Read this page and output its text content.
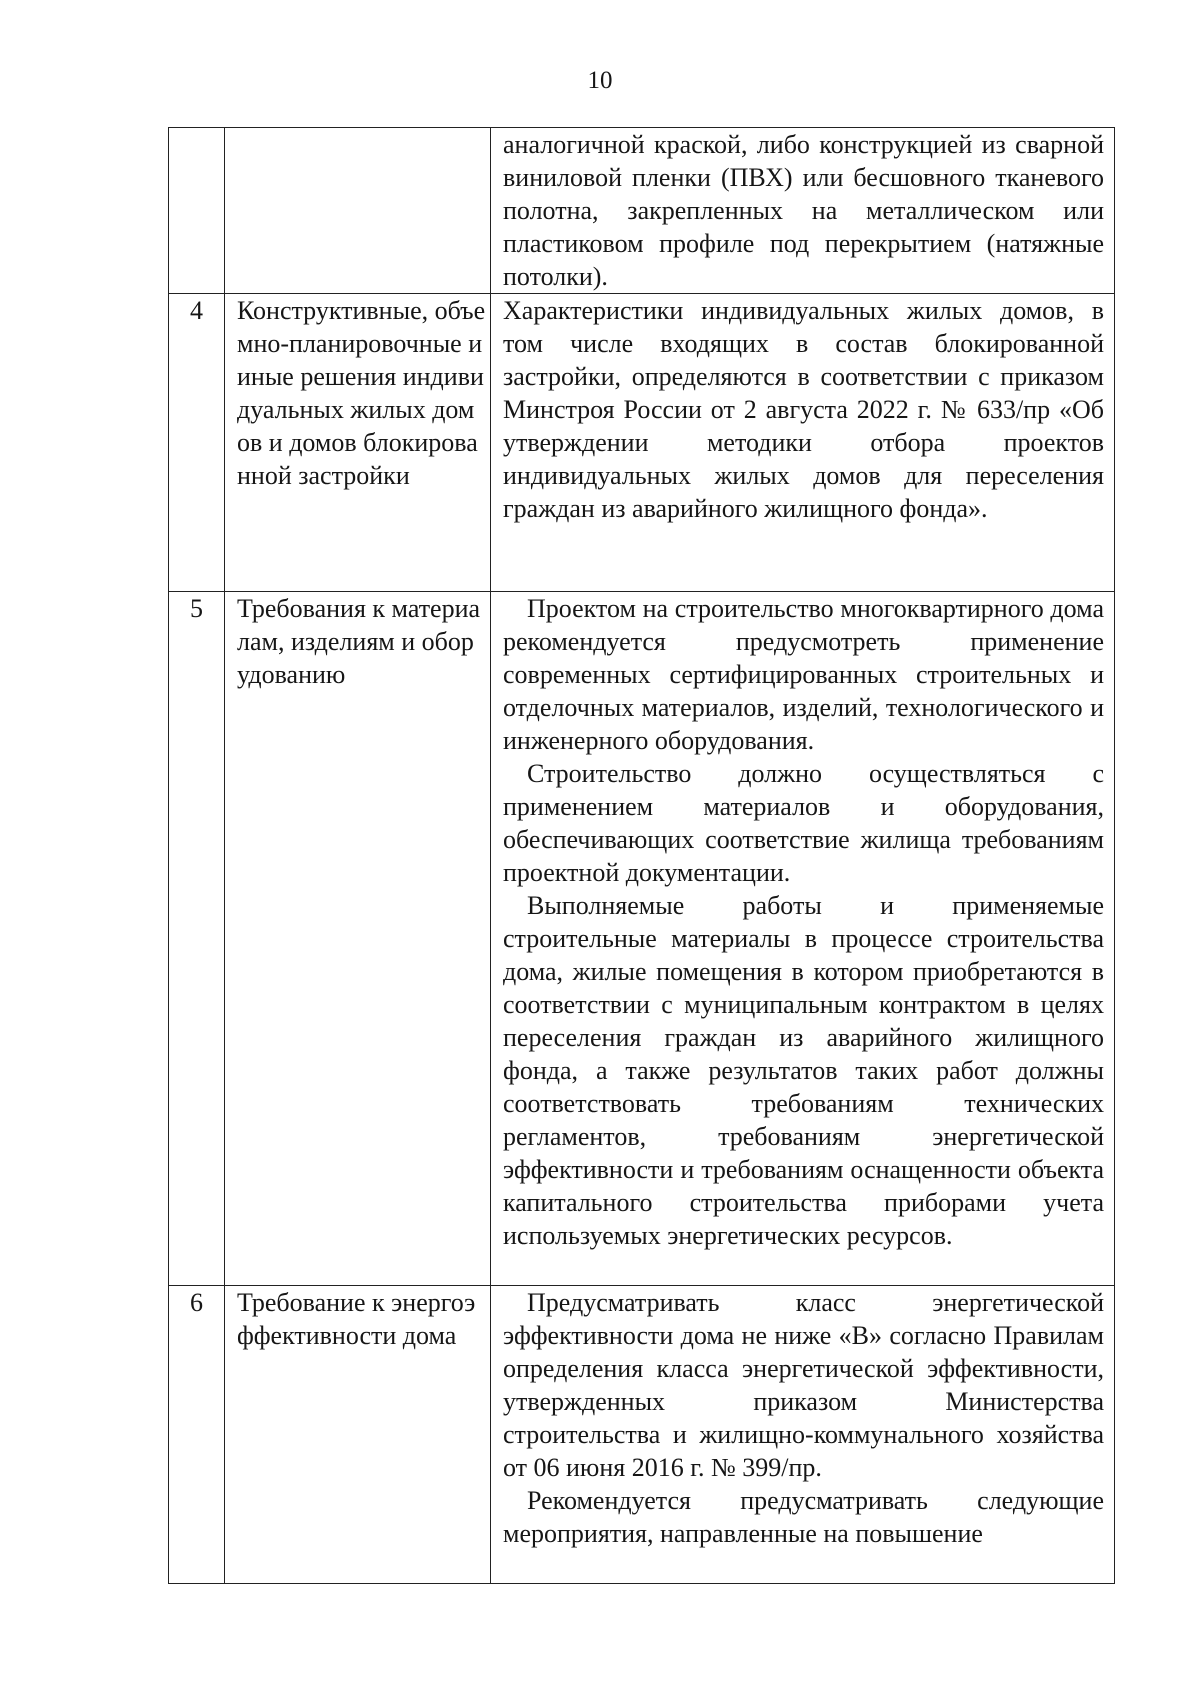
10

		аналогичной краской, либо конструкцией из сварной виниловой пленки (ПВХ) или бесшовного тканевого полотна, закрепленных на металлическом или пластиковом профиле под перекрытием (натяжные потолки).

4	Конструктивные, объемно-планировочные и иные решения индивидуальных жилых домов и домов блокированной застройки	Характеристики индивидуальных жилых домов, в том числе входящих в состав блокированной застройки, определяются в соответствии с приказом Минстроя России от 2 августа 2022 г. № 633/пр «Об утверждении методики отбора проектов индивидуальных жилых домов для переселения граждан из аварийного жилищного фонда».

5	Требования к материалам, изделиям и оборудованию	Проектом на строительство многоквартирного дома рекомендуется предусмотреть применение современных сертифицированных строительных и отделочных материалов, изделий, технологического и инженерного оборудования.

Строительство должно осуществляться с применением материалов и оборудования, обеспечивающих соответствие жилища требованиям проектной документации.

Выполняемые работы и применяемые строительные материалы в процессе строительства дома, жилые помещения в котором приобретаются в соответствии с муниципальным контрактом в целях переселения граждан из аварийного жилищного фонда, а также результатов таких работ должны соответствовать требованиям технических регламентов, требованиям энергетической эффективности и требованиям оснащенности объекта капитального строительства приборами учета используемых энергетических ресурсов.

6	Требование к энергоэффективности дома	Предусматривать класс энергетической эффективности дома не ниже «В» согласно Правилам определения класса энергетической эффективности, утвержденных приказом Министерства строительства и жилищно-коммунального хозяйства от 06 июня 2016 г. № 399/пр.

Рекомендуется предусматривать следующие мероприятия, направленные на повышение
